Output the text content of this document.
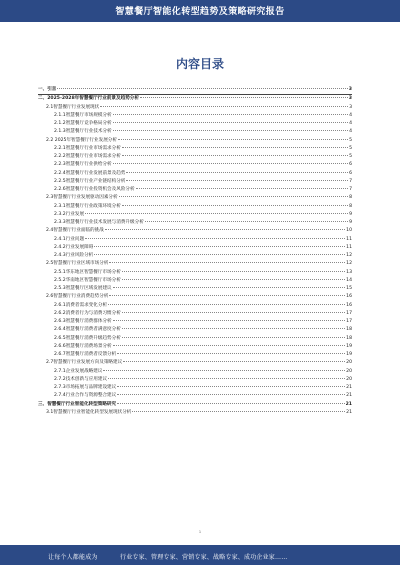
智慧餐厅智能化转型趋势及策略研究报告
内容目录
一、引言	3
二、2025-2028年智慧餐厅行业前景及趋势分析	3
2.1智慧餐厅行业发展现状	3
2.1.1智慧餐厅市场规模分析	4
2.1.2智慧餐厅竞争格局分析	4
2.1.3智慧餐厅行业技术分析	4
2.2 2025年智慧餐厅行业发展分析	5
2.2.1智慧餐厅行业市场需求分析	5
2.2.2智慧餐厅行业市场需求分析	5
2.2.3智慧餐厅行业供给分析	6
2.2.4智慧餐厅行业发展前景及趋势	6
2.2.5智慧餐厅行业产业链结构分析	7
2.2.6智慧餐厅行业投资机会及风险分析	7
2.3智慧餐厅行业发展驱动因素分析	8
2.3.1智慧餐厅行业政策环境分析	8
2.3.2行业发展	9
2.3.3智慧餐厅行业技术发展与消费升级分析	9
2.4智慧餐厅行业面临的挑战	10
2.4.1行业问题	11
2.4.2行业发展障碍	11
2.4.3行业风险分析	12
2.5智慧餐厅行业区域市场分析	12
2.5.1华东地区智慧餐厅市场分析	13
2.5.2华南地区智慧餐厅市场分析	14
2.5.3智慧餐厅区域发展建议	15
2.6智慧餐厅行业消费趋势分析	16
2.6.1消费者需求变化分析	16
2.6.2消费者行为与消费习惯分析	17
2.6.3智慧餐厅消费群体分析	17
2.6.4智慧餐厅消费者满意度分析	18
2.6.5智慧餐厅消费升级趋势分析	18
2.6.6智慧餐厅消费场景分析	19
2.6.7智慧餐厅消费者反馈分析	19
2.7智慧餐厅行业发展方向及策略建议	20
2.7.1企业发展战略建议	20
2.7.2技术创新与应用建议	20
2.7.3市场拓展与品牌建设建议	21
2.7.4行业合作与资源整合建议	21
三、智慧餐厅行业智能化转型策略研究	21
3.1智慧餐厅行业智能化转型发展现状分析	21
1
让每个人都能成为	行业专家、管理专家、营销专家、战略专家、成功企业家……
